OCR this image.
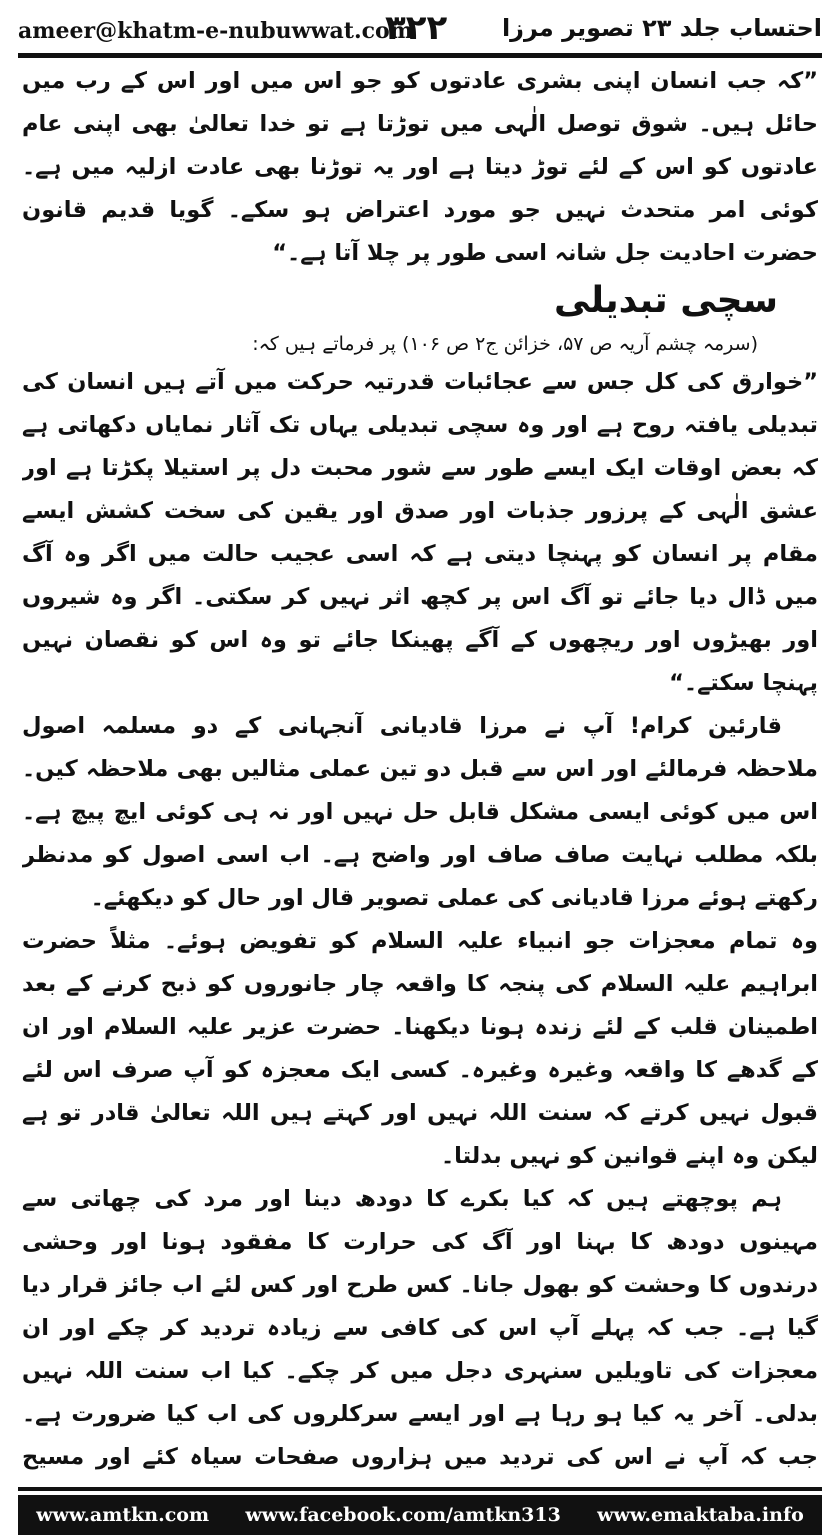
ameer@khatm-e-nubuwwat.com
۳۲۲ احتساب جلد ۲۳ تصویر مرزا

” کہ جب انسان اپنی بشری عادتوں کو جو اس میں اور اس کے رب میں حائل ہیں۔ شوق توصل الٰہی میں توڑتا ہے تو خدا تعالیٰ بھی اپنی عام عادتوں کو اس کے لئے توڑ دیتا ہے اور یہ توڑنا بھی عادت ازلیہ میں ہے۔ کوئی امر متحدث نہیں جو مورد اعتراض ہو سکے۔ گویا قدیم قانون حضرت احادیت جل شانہ اسی طور پر چلا آتا ہے۔“

سچی تبدیلی

(سرمہ چشم آریہ ص ۵۷، خزائن ج۲ ص ۱۰۶) پر فرماتے ہیں کہ:

” خوارق کی کل جس سے عجائبات قدرتیہ حرکت میں آتے ہیں انسان کی تبدیلی یافتہ روح ہے اور وہ سچی تبدیلی یہاں تک آثار نمایاں دکھاتی ہے کہ بعض اوقات ایک ایسے طور سے شور محبت دل پر استیلا پکڑتا ہے اور عشق الٰہی کے پرزور جذبات اور صدق اور یقین کی سخت کشش ایسے مقام پر انسان کو پہنچا دیتی ہے کہ اسی عجیب حالت میں اگر وہ آگ میں ڈال دیا جائے تو آگ اس پر کچھ اثر نہیں کر سکتی۔ اگر وہ شیروں اور بھیڑوں اور ریچھوں کے آگے پھینکا جائے تو وہ اس کو نقصان نہیں پہنچا سکتے۔“

قارئین کرام! آپ نے مرزا قادیانی آنجہانی کے دو مسلمہ اصول ملاحظہ فرمالئے اور اس سے قبل دو تین عملی مثالیں بھی ملاحظہ کیں۔ اس میں کوئی ایسی مشکل قابل حل نہیں اور نہ ہی کوئی ایچ پیچ ہے۔ بلکہ مطلب نہایت صاف صاف اور واضح ہے۔ اب اسی اصول کو مدنظر رکھتے ہوئے مرزا قادیانی کی عملی تصویر قال اور حال کو دیکھئے۔

وہ تمام معجزات جو انبیاء علیہ السلام کو تفویض ہوئے۔ مثلاً حضرت ابراہیم علیہ السلام کی پنجہ کا واقعہ چار جانوروں کو ذبح کرنے کے بعد اطمینان قلب کے لئے زندہ ہونا دیکھنا۔ حضرت عزیر علیہ السلام اور ان کے گدھے کا واقعہ وغیرہ وغیرہ۔ کسی ایک معجزہ کو آپ صرف اس لئے قبول نہیں کرتے کہ سنت اللہ نہیں اور کہتے ہیں اللہ تعالیٰ قادر تو ہے لیکن وہ اپنے قوانین کو نہیں بدلتا۔

ہم پوچھتے ہیں کہ کیا بکرے کا دودھ دینا اور مرد کی چھاتی سے مہینوں دودھ کا بہنا اور آگ کی حرارت کا مفقود ہونا اور وحشی درندوں کا وحشت کو بھول جانا۔ کس طرح اور کس لئے اب جائز قرار دیا گیا ہے۔ جب کہ پہلے آپ اس کی کافی سے زیادہ تردید کر چکے اور ان معجزات کی تاویلیں سنہری دجل میں کر چکے۔ کیا اب سنت اللہ نہیں بدلی۔ آخر یہ کیا ہو رہا ہے اور ایسے سرکلروں کی اب کیا ضرورت ہے۔ جب کہ آپ نے اس کی تردید میں ہزاروں صفحات سیاہ کئے اور مسیح

www.amtkn.com www.facebook.com/amtkn313 www.emaktaba.info
